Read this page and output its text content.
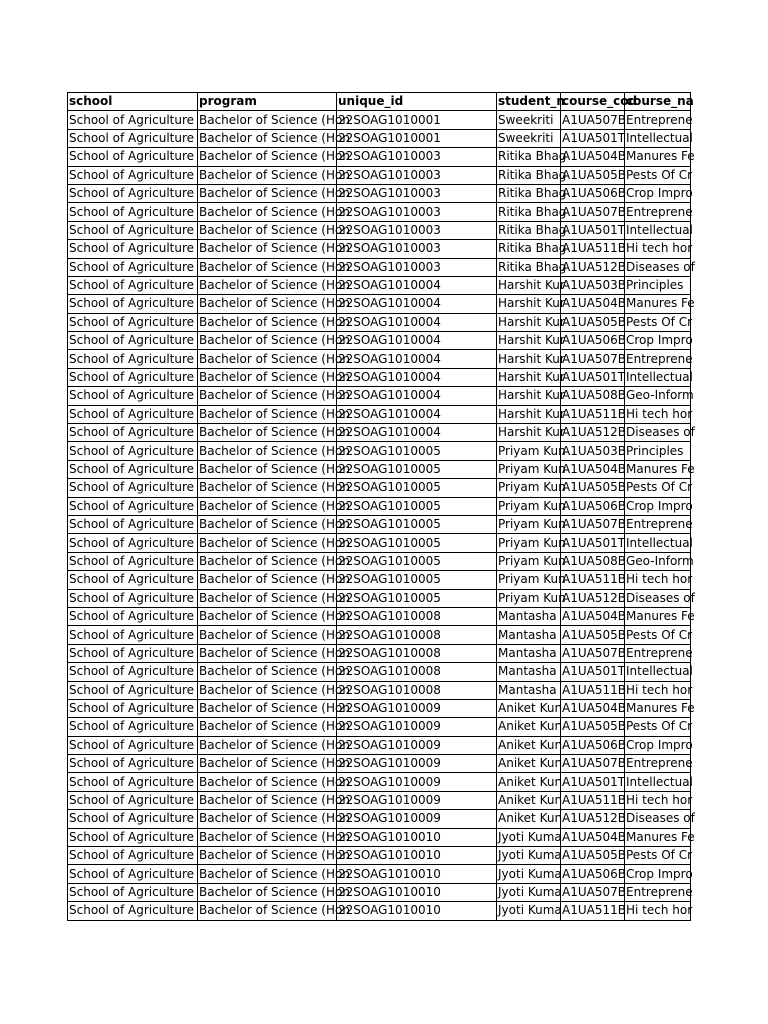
school	program	unique_id	student_n	course_cod	course_na
School of Agriculture	Bachelor of Science (Hon	22SOAG1010001	Sweekriti	A1UA507B	Entreprene
School of Agriculture	Bachelor of Science (Hon	22SOAG1010001	Sweekriti	A1UA501T	Intellectual
School of Agriculture	Bachelor of Science (Hon	22SOAG1010003	Ritika Bhag	A1UA504B	Manures Fe
School of Agriculture	Bachelor of Science (Hon	22SOAG1010003	Ritika Bhag	A1UA505B	Pests Of Cr
School of Agriculture	Bachelor of Science (Hon	22SOAG1010003	Ritika Bhag	A1UA506B	Crop Impro
School of Agriculture	Bachelor of Science (Hon	22SOAG1010003	Ritika Bhag	A1UA507B	Entreprene
School of Agriculture	Bachelor of Science (Hon	22SOAG1010003	Ritika Bhag	A1UA501T	Intellectual
School of Agriculture	Bachelor of Science (Hon	22SOAG1010003	Ritika Bhag	A1UA511B	Hi tech hor
School of Agriculture	Bachelor of Science (Hon	22SOAG1010003	Ritika Bhag	A1UA512B	Diseases of
School of Agriculture	Bachelor of Science (Hon	22SOAG1010004	Harshit Kur	A1UA503B	Principles
School of Agriculture	Bachelor of Science (Hon	22SOAG1010004	Harshit Kur	A1UA504B	Manures Fe
School of Agriculture	Bachelor of Science (Hon	22SOAG1010004	Harshit Kur	A1UA505B	Pests Of Cr
School of Agriculture	Bachelor of Science (Hon	22SOAG1010004	Harshit Kur	A1UA506B	Crop Impro
School of Agriculture	Bachelor of Science (Hon	22SOAG1010004	Harshit Kur	A1UA507B	Entreprene
School of Agriculture	Bachelor of Science (Hon	22SOAG1010004	Harshit Kur	A1UA501T	Intellectual
School of Agriculture	Bachelor of Science (Hon	22SOAG1010004	Harshit Kur	A1UA508B	Geo-Inform
School of Agriculture	Bachelor of Science (Hon	22SOAG1010004	Harshit Kur	A1UA511B	Hi tech hor
School of Agriculture	Bachelor of Science (Hon	22SOAG1010004	Harshit Kur	A1UA512B	Diseases of
School of Agriculture	Bachelor of Science (Hon	22SOAG1010005	Priyam Kun	A1UA503B	Principles
School of Agriculture	Bachelor of Science (Hon	22SOAG1010005	Priyam Kun	A1UA504B	Manures Fe
School of Agriculture	Bachelor of Science (Hon	22SOAG1010005	Priyam Kun	A1UA505B	Pests Of Cr
School of Agriculture	Bachelor of Science (Hon	22SOAG1010005	Priyam Kun	A1UA506B	Crop Impro
School of Agriculture	Bachelor of Science (Hon	22SOAG1010005	Priyam Kun	A1UA507B	Entreprene
School of Agriculture	Bachelor of Science (Hon	22SOAG1010005	Priyam Kun	A1UA501T	Intellectual
School of Agriculture	Bachelor of Science (Hon	22SOAG1010005	Priyam Kun	A1UA508B	Geo-Inform
School of Agriculture	Bachelor of Science (Hon	22SOAG1010005	Priyam Kun	A1UA511B	Hi tech hor
School of Agriculture	Bachelor of Science (Hon	22SOAG1010005	Priyam Kun	A1UA512B	Diseases of
School of Agriculture	Bachelor of Science (Hon	22SOAG1010008	Mantasha	A1UA504B	Manures Fe
School of Agriculture	Bachelor of Science (Hon	22SOAG1010008	Mantasha	A1UA505B	Pests Of Cr
School of Agriculture	Bachelor of Science (Hon	22SOAG1010008	Mantasha	A1UA507B	Entreprene
School of Agriculture	Bachelor of Science (Hon	22SOAG1010008	Mantasha	A1UA501T	Intellectual
School of Agriculture	Bachelor of Science (Hon	22SOAG1010008	Mantasha	A1UA511B	Hi tech hor
School of Agriculture	Bachelor of Science (Hon	22SOAG1010009	Aniket Kun	A1UA504B	Manures Fe
School of Agriculture	Bachelor of Science (Hon	22SOAG1010009	Aniket Kun	A1UA505B	Pests Of Cr
School of Agriculture	Bachelor of Science (Hon	22SOAG1010009	Aniket Kun	A1UA506B	Crop Impro
School of Agriculture	Bachelor of Science (Hon	22SOAG1010009	Aniket Kun	A1UA507B	Entreprene
School of Agriculture	Bachelor of Science (Hon	22SOAG1010009	Aniket Kun	A1UA501T	Intellectual
School of Agriculture	Bachelor of Science (Hon	22SOAG1010009	Aniket Kun	A1UA511B	Hi tech hor
School of Agriculture	Bachelor of Science (Hon	22SOAG1010009	Aniket Kun	A1UA512B	Diseases of
School of Agriculture	Bachelor of Science (Hon	22SOAG1010010	Jyoti Kuma	A1UA504B	Manures Fe
School of Agriculture	Bachelor of Science (Hon	22SOAG1010010	Jyoti Kuma	A1UA505B	Pests Of Cr
School of Agriculture	Bachelor of Science (Hon	22SOAG1010010	Jyoti Kuma	A1UA506B	Crop Impro
School of Agriculture	Bachelor of Science (Hon	22SOAG1010010	Jyoti Kuma	A1UA507B	Entreprene
School of Agriculture	Bachelor of Science (Hon	22SOAG1010010	Jyoti Kuma	A1UA511B	Hi tech hor
